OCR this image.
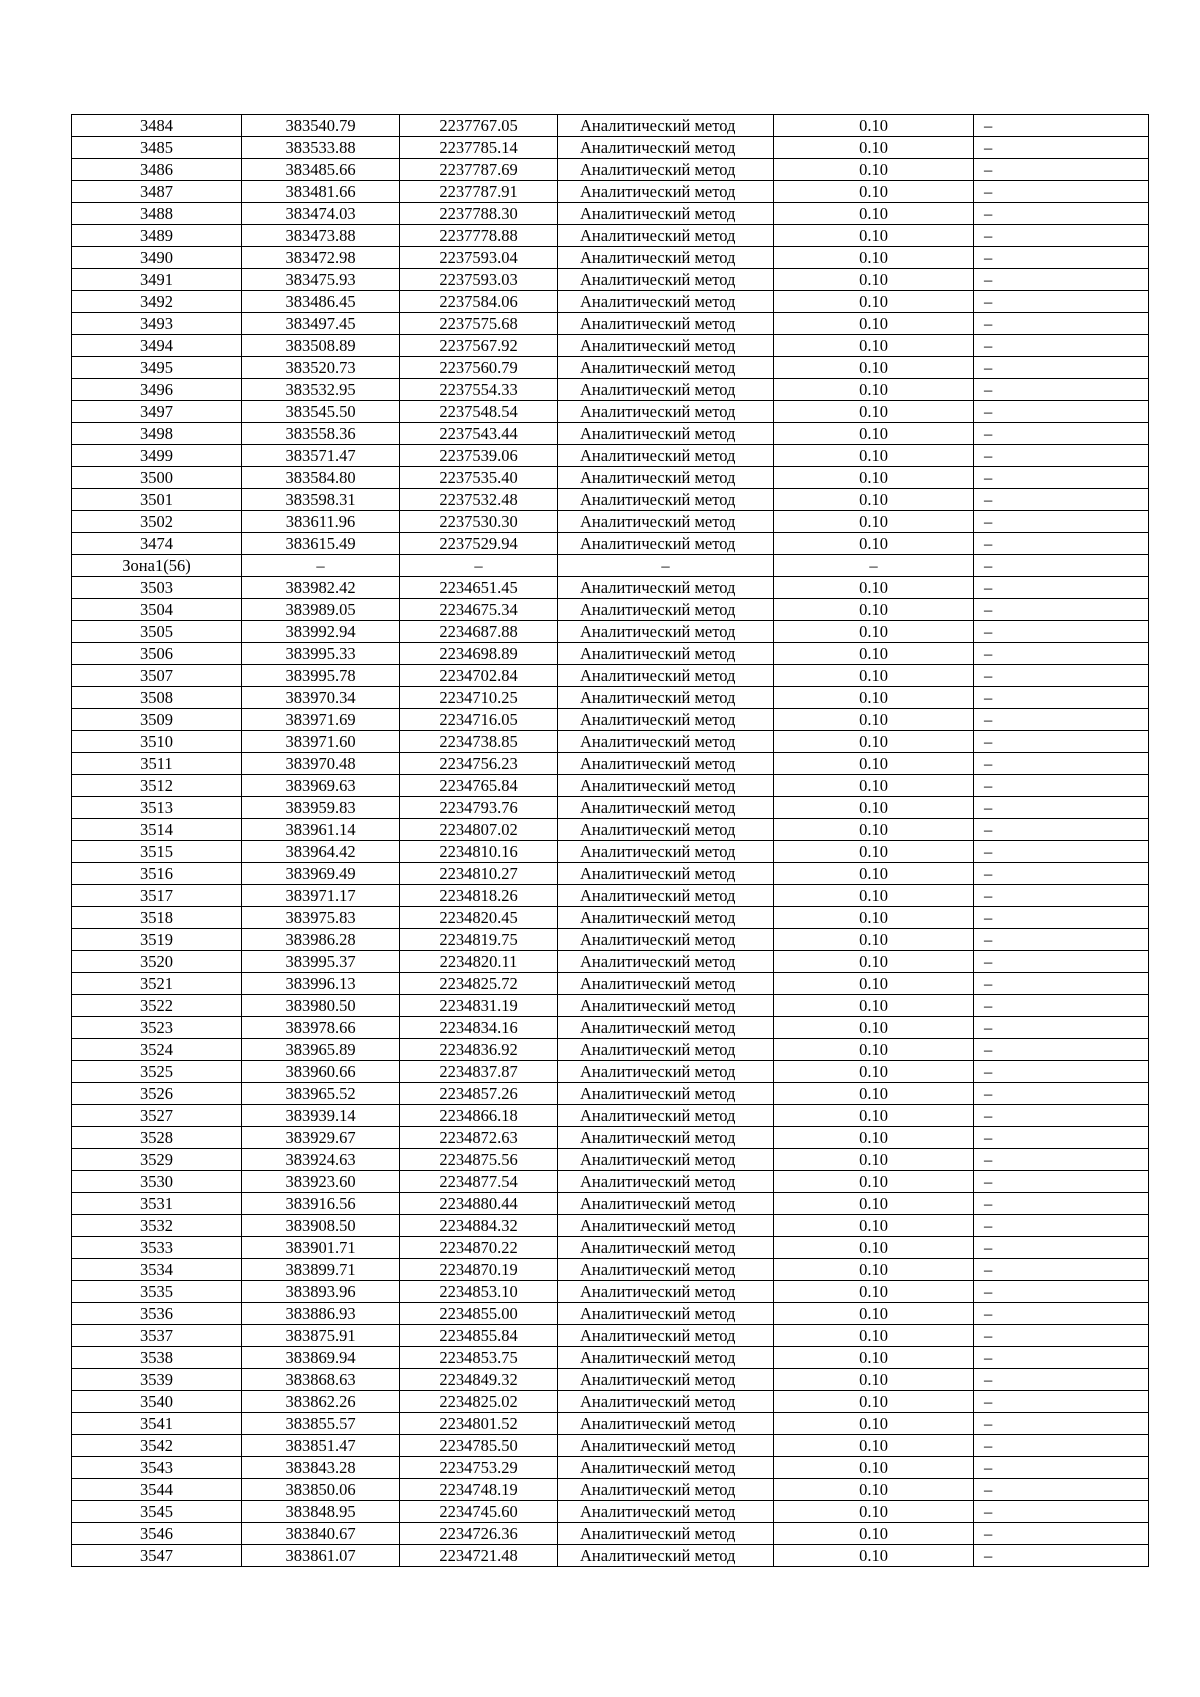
3484	383540.79	2237767.05	Аналитический метод	0.10	–
3485	383533.88	2237785.14	Аналитический метод	0.10	–
3486	383485.66	2237787.69	Аналитический метод	0.10	–
3487	383481.66	2237787.91	Аналитический метод	0.10	–
3488	383474.03	2237788.30	Аналитический метод	0.10	–
3489	383473.88	2237778.88	Аналитический метод	0.10	–
3490	383472.98	2237593.04	Аналитический метод	0.10	–
3491	383475.93	2237593.03	Аналитический метод	0.10	–
3492	383486.45	2237584.06	Аналитический метод	0.10	–
3493	383497.45	2237575.68	Аналитический метод	0.10	–
3494	383508.89	2237567.92	Аналитический метод	0.10	–
3495	383520.73	2237560.79	Аналитический метод	0.10	–
3496	383532.95	2237554.33	Аналитический метод	0.10	–
3497	383545.50	2237548.54	Аналитический метод	0.10	–
3498	383558.36	2237543.44	Аналитический метод	0.10	–
3499	383571.47	2237539.06	Аналитический метод	0.10	–
3500	383584.80	2237535.40	Аналитический метод	0.10	–
3501	383598.31	2237532.48	Аналитический метод	0.10	–
3502	383611.96	2237530.30	Аналитический метод	0.10	–
3474	383615.49	2237529.94	Аналитический метод	0.10	–
Зона1(56)	–	–	–	–	–
3503	383982.42	2234651.45	Аналитический метод	0.10	–
3504	383989.05	2234675.34	Аналитический метод	0.10	–
3505	383992.94	2234687.88	Аналитический метод	0.10	–
3506	383995.33	2234698.89	Аналитический метод	0.10	–
3507	383995.78	2234702.84	Аналитический метод	0.10	–
3508	383970.34	2234710.25	Аналитический метод	0.10	–
3509	383971.69	2234716.05	Аналитический метод	0.10	–
3510	383971.60	2234738.85	Аналитический метод	0.10	–
3511	383970.48	2234756.23	Аналитический метод	0.10	–
3512	383969.63	2234765.84	Аналитический метод	0.10	–
3513	383959.83	2234793.76	Аналитический метод	0.10	–
3514	383961.14	2234807.02	Аналитический метод	0.10	–
3515	383964.42	2234810.16	Аналитический метод	0.10	–
3516	383969.49	2234810.27	Аналитический метод	0.10	–
3517	383971.17	2234818.26	Аналитический метод	0.10	–
3518	383975.83	2234820.45	Аналитический метод	0.10	–
3519	383986.28	2234819.75	Аналитический метод	0.10	–
3520	383995.37	2234820.11	Аналитический метод	0.10	–
3521	383996.13	2234825.72	Аналитический метод	0.10	–
3522	383980.50	2234831.19	Аналитический метод	0.10	–
3523	383978.66	2234834.16	Аналитический метод	0.10	–
3524	383965.89	2234836.92	Аналитический метод	0.10	–
3525	383960.66	2234837.87	Аналитический метод	0.10	–
3526	383965.52	2234857.26	Аналитический метод	0.10	–
3527	383939.14	2234866.18	Аналитический метод	0.10	–
3528	383929.67	2234872.63	Аналитический метод	0.10	–
3529	383924.63	2234875.56	Аналитический метод	0.10	–
3530	383923.60	2234877.54	Аналитический метод	0.10	–
3531	383916.56	2234880.44	Аналитический метод	0.10	–
3532	383908.50	2234884.32	Аналитический метод	0.10	–
3533	383901.71	2234870.22	Аналитический метод	0.10	–
3534	383899.71	2234870.19	Аналитический метод	0.10	–
3535	383893.96	2234853.10	Аналитический метод	0.10	–
3536	383886.93	2234855.00	Аналитический метод	0.10	–
3537	383875.91	2234855.84	Аналитический метод	0.10	–
3538	383869.94	2234853.75	Аналитический метод	0.10	–
3539	383868.63	2234849.32	Аналитический метод	0.10	–
3540	383862.26	2234825.02	Аналитический метод	0.10	–
3541	383855.57	2234801.52	Аналитический метод	0.10	–
3542	383851.47	2234785.50	Аналитический метод	0.10	–
3543	383843.28	2234753.29	Аналитический метод	0.10	–
3544	383850.06	2234748.19	Аналитический метод	0.10	–
3545	383848.95	2234745.60	Аналитический метод	0.10	–
3546	383840.67	2234726.36	Аналитический метод	0.10	–
3547	383861.07	2234721.48	Аналитический метод	0.10	–
